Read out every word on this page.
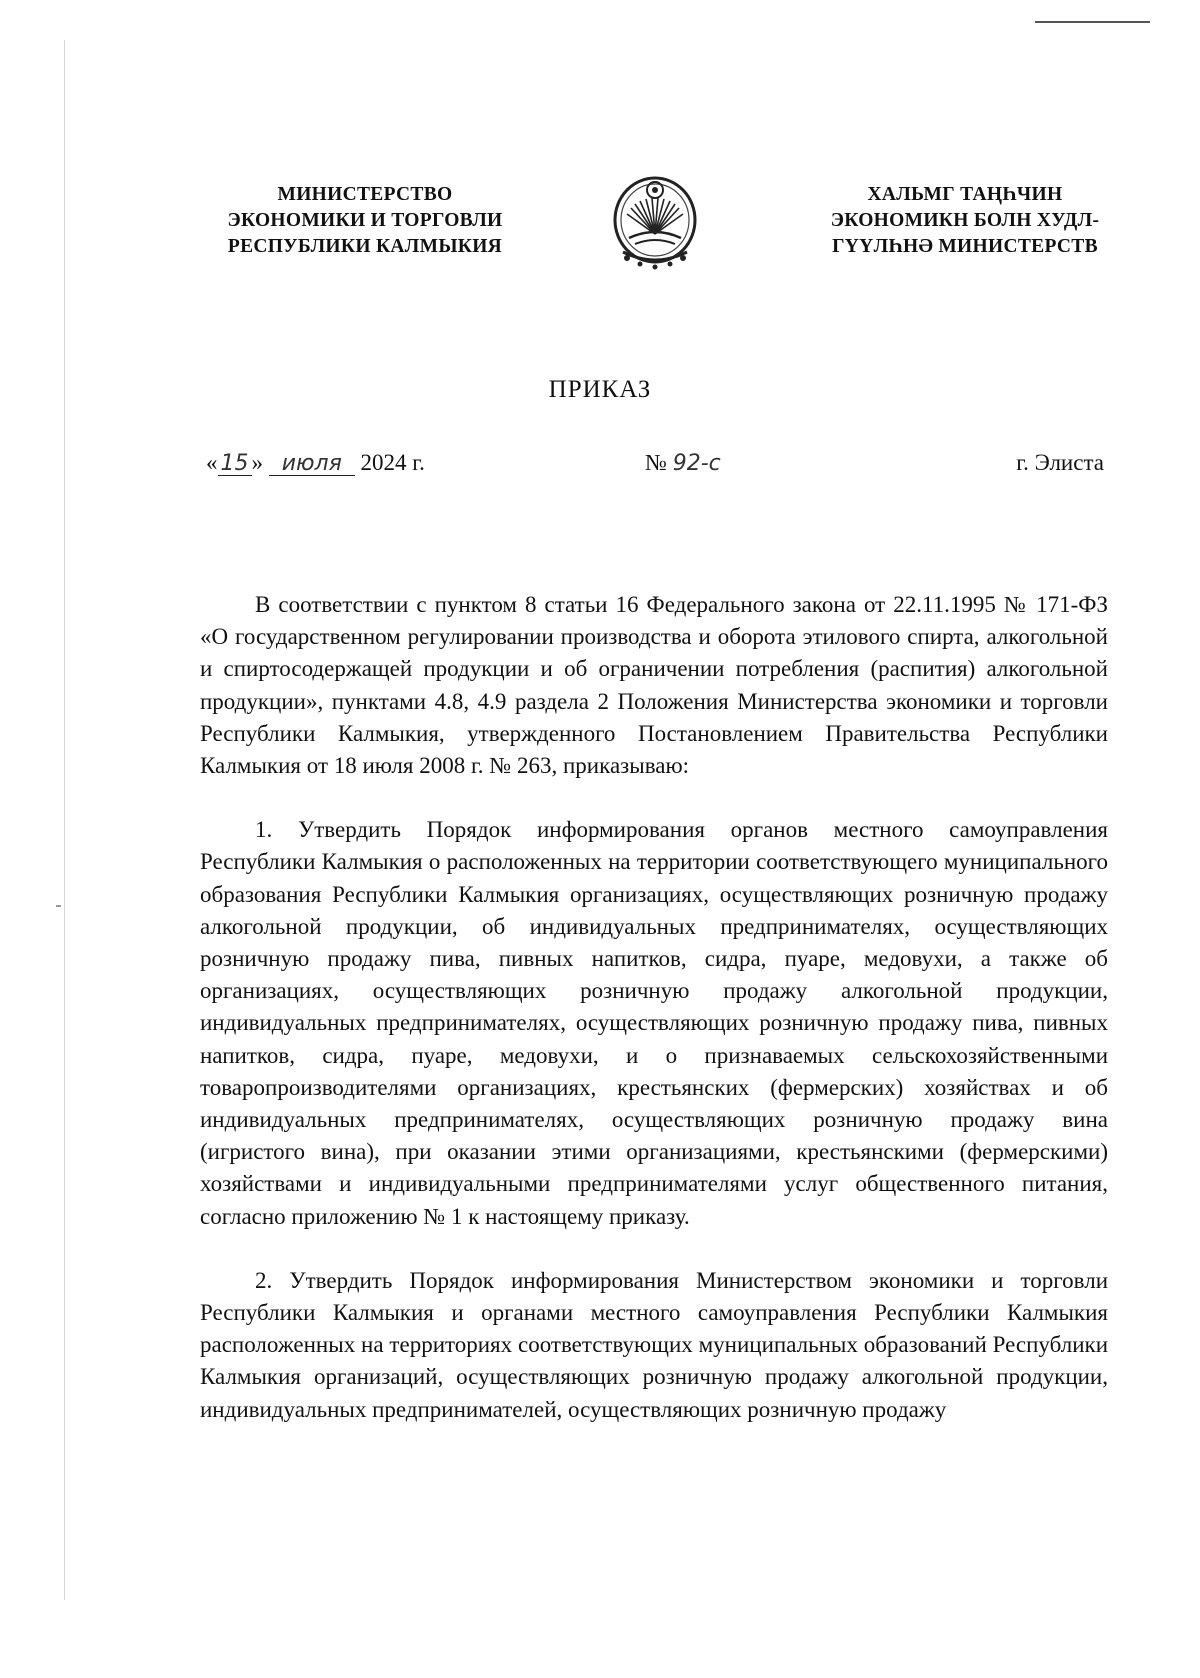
МИНИСТЕРСТВО
ЭКОНОМИКИ И ТОРГОВЛИ
РЕСПУБЛИКИ КАЛМЫКИЯ
ХАЛЬМГ ТАҢҺЧИН
ЭКОНОМИКН БОЛН ХУДЛ-
ГҮҮЛҺНӘ МИНИСТЕРСТВ
ПРИКАЗ
« 15 » июля 2024 г.	№ 92-с	г. Элиста

В соответствии с пунктом 8 статьи 16 Федерального закона от 22.11.1995 № 171-ФЗ «О государственном регулировании производства и оборота этилового спирта, алкогольной и спиртосодержащей продукции и об ограничении потребления (распития) алкогольной продукции», пунктами 4.8, 4.9 раздела 2 Положения Министерства экономики и торговли Республики Калмыкия, утвержденного Постановлением Правительства Республики Калмыкия от 18 июля 2008 г. № 263, приказываю:

1. Утвердить Порядок информирования органов местного самоуправления Республики Калмыкия о расположенных на территории соответствующего муниципального образования Республики Калмыкия организациях, осуществляющих розничную продажу алкогольной продукции, об индивидуальных предпринимателях, осуществляющих розничную продажу пива, пивных напитков, сидра, пуаре, медовухи, а также об организациях, осуществляющих розничную продажу алкогольной продукции, индивидуальных предпринимателях, осуществляющих розничную продажу пива, пивных напитков, сидра, пуаре, медовухи, и о признаваемых сельскохозяйственными товаропроизводителями организациях, крестьянских (фермерских) хозяйствах и об индивидуальных предпринимателях, осуществляющих розничную продажу вина (игристого вина), при оказании этими организациями, крестьянскими (фермерскими) хозяйствами и индивидуальными предпринимателями услуг общественного питания, согласно приложению № 1 к настоящему приказу.

2. Утвердить Порядок информирования Министерством экономики и торговли Республики Калмыкия и органами местного самоуправления Республики Калмыкия расположенных на территориях соответствующих муниципальных образований Республики Калмыкия организаций, осуществляющих розничную продажу алкогольной продукции, индивидуальных предпринимателей, осуществляющих розничную продажу
